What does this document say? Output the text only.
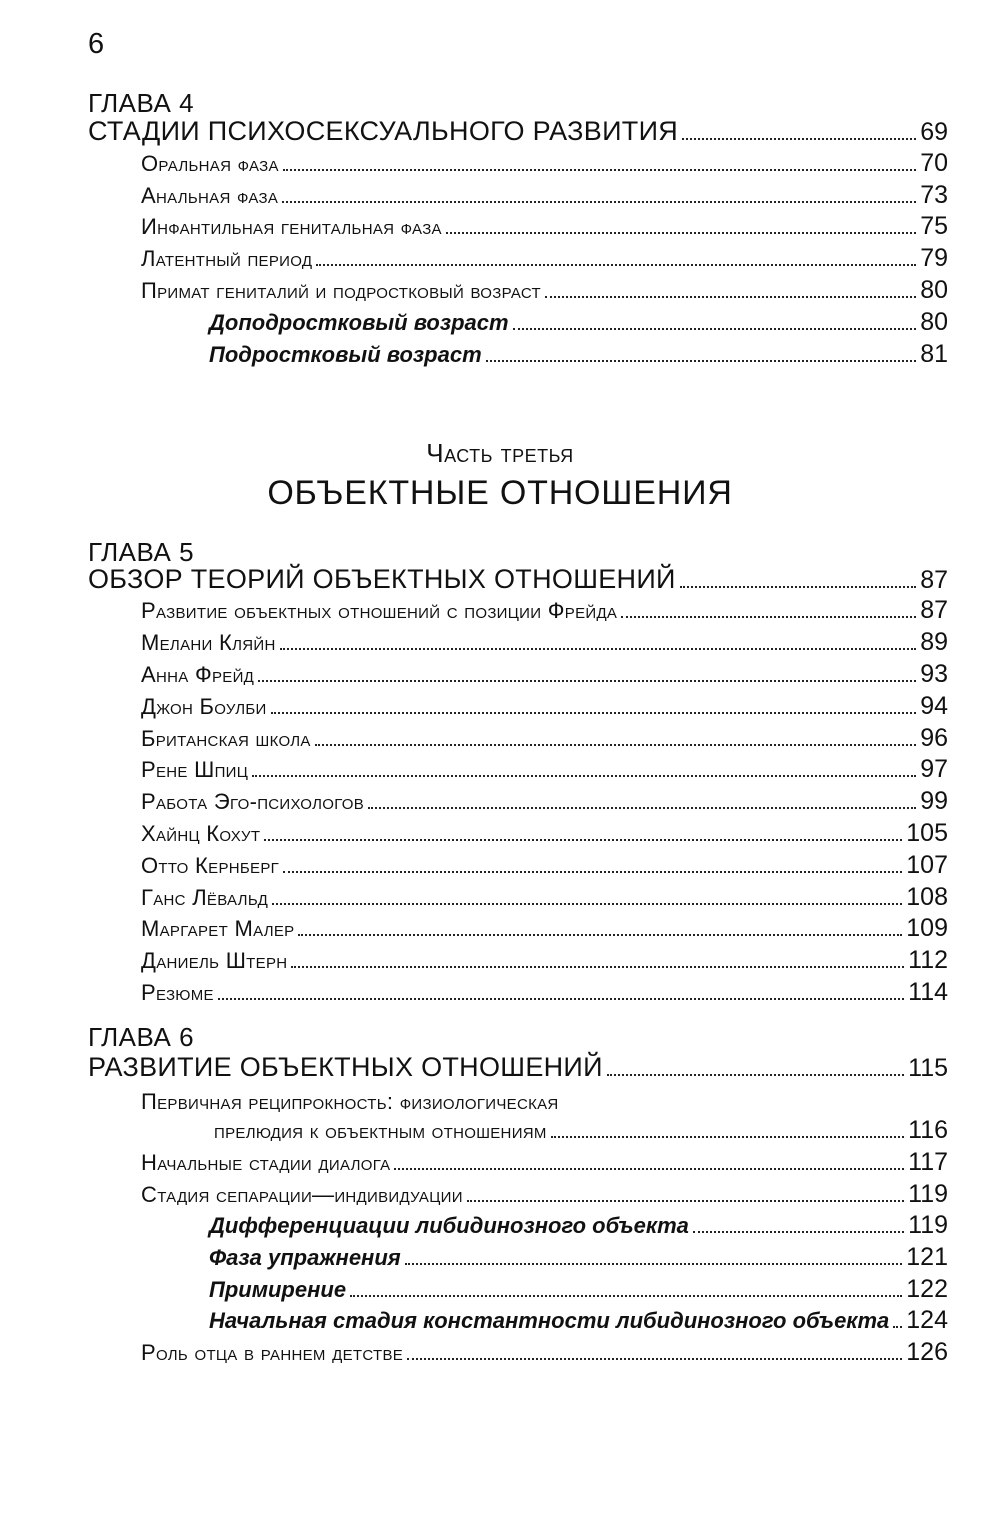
6
ГЛАВА 4
СТАДИИ ПСИХОСЕКСУАЛЬНОГО РАЗВИТИЯ	69
Оральная фаза	70
Анальная фаза	73
Инфантильная генитальная фаза	75
Латентный период	79
Примат гениталий и подростковый возраст	80
Доподростковый возраст	80
Подростковый возраст	81
Часть третья
ОБЪЕКТНЫЕ ОТНОШЕНИЯ
ГЛАВА 5
ОБЗОР ТЕОРИЙ ОБЪЕКТНЫХ ОТНОШЕНИЙ	87
Развитие объектных отношений с позиции Фрейда	87
Мелани Кляйн	89
Анна Фрейд	93
Джон Боулби	94
Британская школа	96
Рене Шпиц	97
Работа Эго-психологов	99
Хайнц Кохут	105
Отто Кернберг	107
Ганс Лёвальд	108
Маргарет Малер	109
Даниель Штерн	112
Резюме	114
ГЛАВА 6
РАЗВИТИЕ ОБЪЕКТНЫХ ОТНОШЕНИЙ	115
Первичная реципрокность: физиологическая
прелюдия к объектным отношениям	116
Начальные стадии диалога	117
Стадия сепарации—индивидуации	119
Дифференциации либидинозного объекта	119
Фаза упражнения	121
Примирение	122
Начальная стадия константности либидинозного объекта 124
Роль отца в раннем детстве	126
